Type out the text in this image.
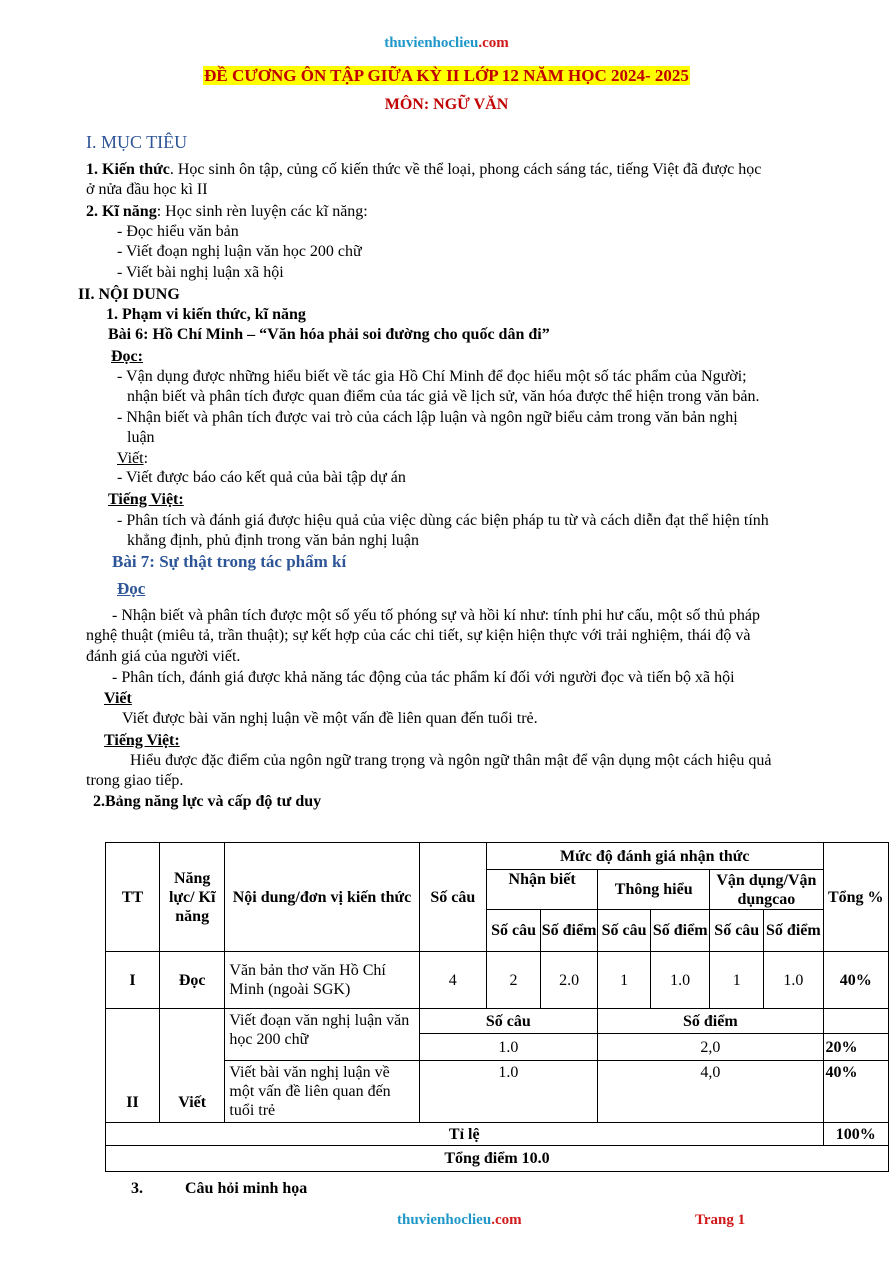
thuvienhoclieu.com
ĐỀ CƯƠNG ÔN TẬP GIỮA KỲ II LỚP 12 NĂM HỌC 2024- 2025
MÔN: NGỮ VĂN
I. MỤC TIÊU
1. Kiến thức. Học sinh ôn tập, củng cố kiến thức về thể loại, phong cách sáng tác, tiếng Việt đã được học
ở nửa đầu học kì II
2. Kĩ năng: Học sinh rèn luyện các kĩ năng:
- Đọc hiểu văn bản
- Viết đoạn nghị luận văn học 200 chữ
- Viết bài nghị luận xã hội
II. NỘI DUNG
1. Phạm vi kiến thức, kĩ năng
Bài 6: Hồ Chí Minh – “Văn hóa phải soi đường cho quốc dân đi”
Đọc:
- Vận dụng được những hiểu biết về tác gia Hồ Chí Minh để đọc hiểu một số tác phẩm của Người;
nhận biết và phân tích được quan điểm của tác giả về lịch sử, văn hóa được thể hiện trong văn bản.
- Nhận biết và phân tích được vai trò của cách lập luận và ngôn ngữ biểu cảm trong văn bản nghị
luận
Viết:
- Viết được báo cáo kết quả của bài tập dự án
Tiếng Việt:
- Phân tích và đánh giá được hiệu quả của việc dùng các biện pháp tu từ và cách diễn đạt thể hiện tính
khẳng định, phủ định trong văn bản nghị luận
Bài 7: Sự thật trong tác phẩm kí
Đọc
- Nhận biết và phân tích được một số yếu tố phóng sự và hồi kí như: tính phi hư cấu, một số thủ pháp
nghệ thuật (miêu tả, trần thuật); sự kết hợp của các chi tiết, sự kiện hiện thực với trải nghiệm, thái độ và
đánh giá của người viết.
- Phân tích, đánh giá được khả năng tác động của tác phẩm kí đối với người đọc và tiến bộ xã hội
Viết
Viết được bài văn nghị luận về một vấn đề liên quan đến tuổi trẻ.
Tiếng Việt:
Hiểu được đặc điểm của ngôn ngữ trang trọng và ngôn ngữ thân mật để vận dụng một cách hiệu quả
trong giao tiếp.
2.Bảng năng lực và cấp độ tư duy
TT	Năng lực/ Kĩ năng	Nội dung/đơn vị kiến thức	Số câu	Mức độ đánh giá nhận thức						Tổng %
				Nhận biết		Thông hiểu		Vận dụng/Vận dụngcao		
				Số câu	Số điểm	Số câu	Số điểm	Số câu	Số điểm	
I	Đọc	Văn bản thơ văn Hồ Chí Minh (ngoài SGK)	4	2	2.0	1	1.0	1	1.0	40%
II	Viết	Viết đoạn văn nghị luận văn học 200 chữ	Số câu			Số điểm				
			1.0			2,0				20%
		Viết bài văn nghị luận về một vấn đề liên quan đến tuổi trẻ	1.0			4,0				40%
Tỉ lệ										100%
Tổng điểm 10.0										
3.	Câu hỏi minh họa
thuvienhoclieu.com	Trang 1
